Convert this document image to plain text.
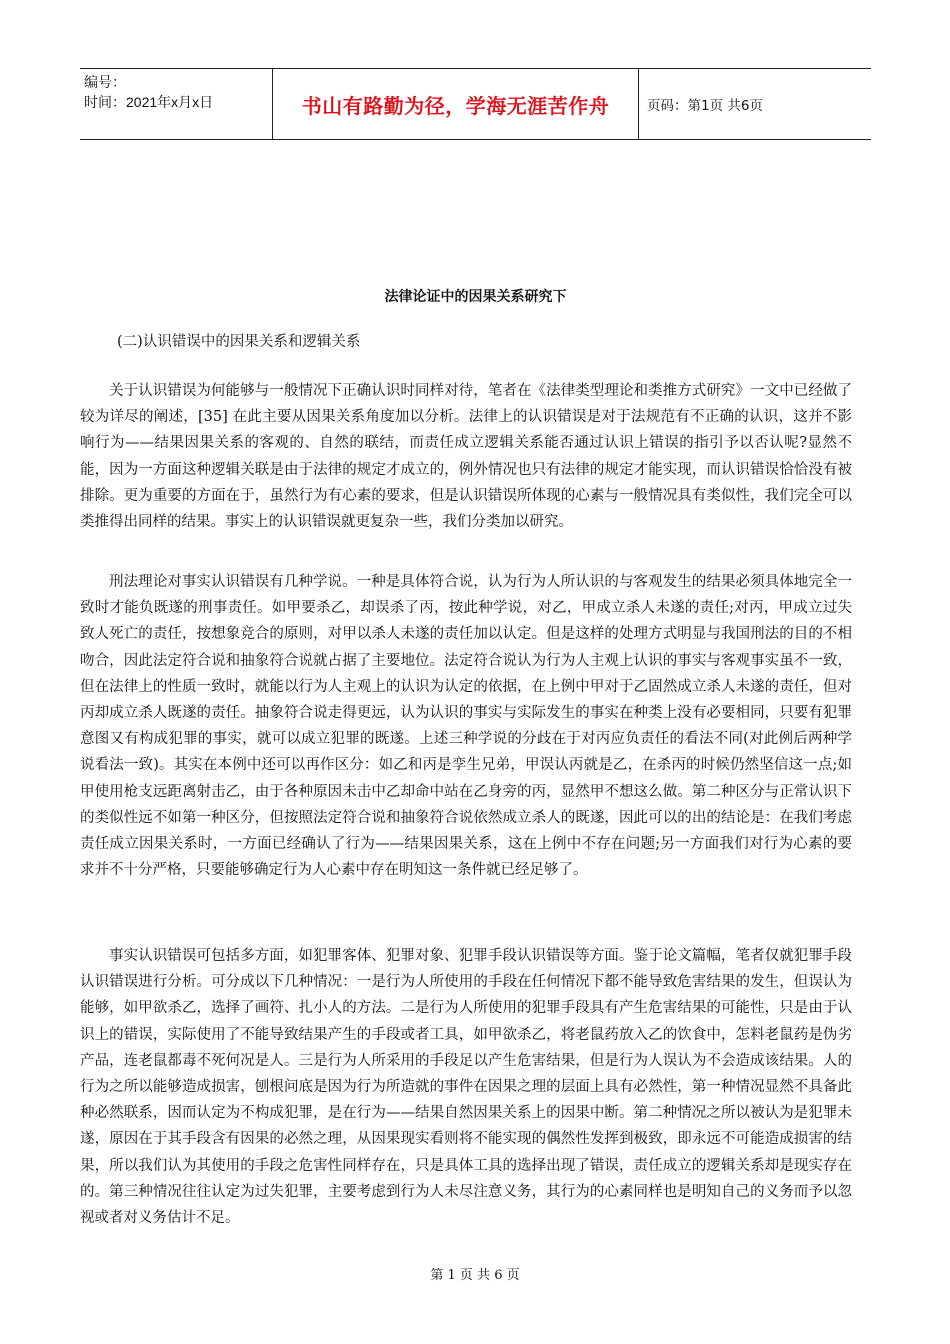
编号：
时间：2021年x月x日	书山有路勤为径，学海无涯苦作舟	页码：第1页 共6页
法律论证中的因果关系研究下
(二)认识错误中的因果关系和逻辑关系

关于认识错误为何能够与一般情况下正确认识时同样对待，笔者在《法律类型理论和类推方式研究》一文中已经做了较为详尽的阐述，[35] 在此主要从因果关系角度加以分析。法律上的认识错误是对于法规范有不正确的认识，这并不影响行为——结果因果关系的客观的、自然的联结，而责任成立逻辑关系能否通过认识上错误的指引予以否认呢?显然不能，因为一方面这种逻辑关联是由于法律的规定才成立的，例外情况也只有法律的规定才能实现，而认识错误恰恰没有被排除。更为重要的方面在于，虽然行为有心素的要求，但是认识错误所体现的心素与一般情况具有类似性，我们完全可以类推得出同样的结果。事实上的认识错误就更复杂一些，我们分类加以研究。

刑法理论对事实认识错误有几种学说。一种是具体符合说，认为行为人所认识的与客观发生的结果必须具体地完全一致时才能负既遂的刑事责任。如甲要杀乙，却误杀了丙，按此种学说，对乙，甲成立杀人未遂的责任;对丙，甲成立过失致人死亡的责任，按想象竞合的原则，对甲以杀人未遂的责任加以认定。但是这样的处理方式明显与我国刑法的目的不相吻合，因此法定符合说和抽象符合说就占据了主要地位。法定符合说认为行为人主观上认识的事实与客观事实虽不一致，但在法律上的性质一致时，就能以行为人主观上的认识为认定的依据，在上例中甲对于乙固然成立杀人未遂的责任，但对丙却成立杀人既遂的责任。抽象符合说走得更远，认为认识的事实与实际发生的事实在种类上没有必要相同，只要有犯罪意图又有构成犯罪的事实，就可以成立犯罪的既遂。上述三种学说的分歧在于对丙应负责任的看法不同(对此例后两种学说看法一致)。其实在本例中还可以再作区分：如乙和丙是孪生兄弟，甲误认丙就是乙，在杀丙的时候仍然坚信这一点;如甲使用枪支远距离射击乙，由于各种原因未击中乙却命中站在乙身旁的丙，显然甲不想这么做。第二种区分与正常认识下的类似性远不如第一种区分，但按照法定符合说和抽象符合说依然成立杀人的既遂，因此可以的出的结论是：在我们考虑责任成立因果关系时，一方面已经确认了行为——结果因果关系，这在上例中不存在问题;另一方面我们对行为心素的要求并不十分严格，只要能够确定行为人心素中存在明知这一条件就已经足够了。

事实认识错误可包括多方面，如犯罪客体、犯罪对象、犯罪手段认识错误等方面。鉴于论文篇幅，笔者仅就犯罪手段认识错误进行分析。可分成以下几种情况：一是行为人所使用的手段在任何情况下都不能导致危害结果的发生，但误认为能够，如甲欲杀乙，选择了画符、扎小人的方法。二是行为人所使用的犯罪手段具有产生危害结果的可能性，只是由于认识上的错误，实际使用了不能导致结果产生的手段或者工具，如甲欲杀乙，将老鼠药放入乙的饮食中，怎料老鼠药是伪劣产品，连老鼠都毒不死何况是人。三是行为人所采用的手段足以产生危害结果，但是行为人误认为不会造成该结果。人的行为之所以能够造成损害，刨根问底是因为行为所造就的事件在因果之理的层面上具有必然性，第一种情况显然不具备此种必然联系，因而认定为不构成犯罪，是在行为——结果自然因果关系上的因果中断。第二种情况之所以被认为是犯罪未遂，原因在于其手段含有因果的必然之理，从因果现实看则将不能实现的偶然性发挥到极致，即永远不可能造成损害的结果，所以我们认为其使用的手段之危害性同样存在，只是具体工具的选择出现了错误，责任成立的逻辑关系却是现实存在的。第三种情况往往认定为过失犯罪，主要考虑到行为人未尽注意义务，其行为的心素同样也是明知自己的义务而予以忽视或者对义务估计不足。

第 1 页 共 6 页
